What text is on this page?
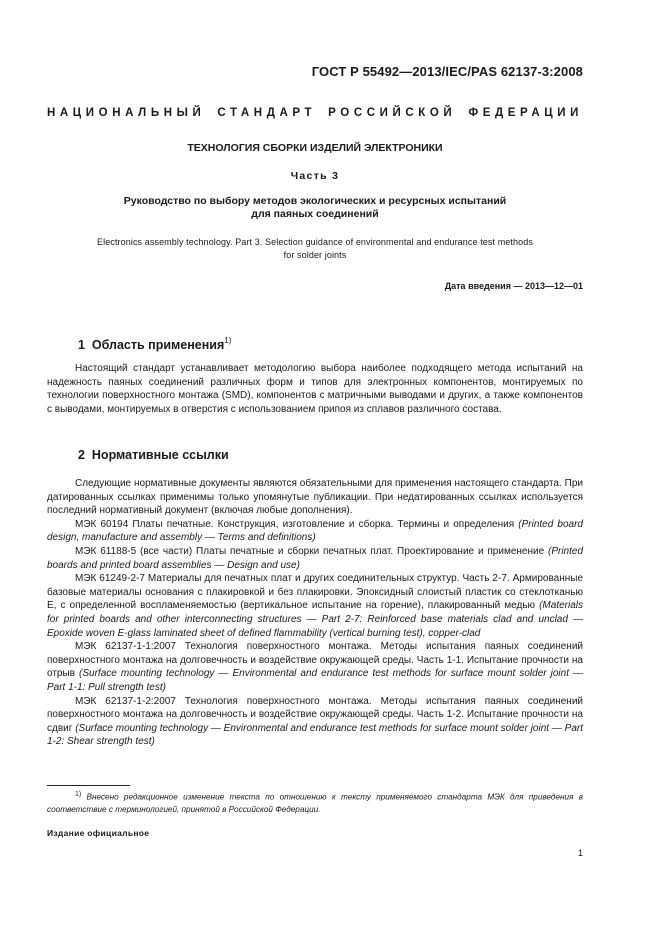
ГОСТ Р 55492—2013/IEC/PAS 62137-3:2008
НАЦИОНАЛЬНЫЙ СТАНДАРТ РОССИЙСКОЙ ФЕДЕРАЦИИ
ТЕХНОЛОГИЯ СБОРКИ ИЗДЕЛИЙ ЭЛЕКТРОНИКИ
Часть 3
Руководство по выбору методов экологических и ресурсных испытаний
для паяных соединений
Electronics assembly technology. Part 3. Selection guidance of environmental and endurance test methods
for solder joints
Дата введения — 2013—12—01
1 Область применения$^{1)}$

Настоящий стандарт устанавливает методологию выбора наиболее подходящего метода испытаний на надежность паяных соединений различных форм и типов для электронных компонентов, монтируемых по технологии поверхностного монтажа (SMD), компонентов с матричными выводами и других, а также компонентов с выводами, монтируемых в отверстия с использованием припоя из сплавов различного состава.

2 Нормативные ссылки

Следующие нормативные документы являются обязательными для применения настоящего стандарта. При датированных ссылках применимы только упомянутые публикации. При недатированных ссылках используется последний нормативный документ (включая любые дополнения).

МЭК 60194 Платы печатные. Конструкция, изготовление и сборка. Термины и определения (Printed board design, manufacture and assembly — Terms and definitions)

МЭК 61188-5 (все части) Платы печатные и сборки печатных плат. Проектирование и применение (Printed boards and printed board assemblies — Design and use)

МЭК 61249-2-7 Материалы для печатных плат и других соединительных структур. Часть 2-7. Армированные базовые материалы основания с плакировкой и без плакировки. Эпоксидный слоистый пластик со стеклотканью Е, с определенной воспламеняемостью (вертикальное испытание на горение), плакированный медью (Materials for printed boards and other interconnecting structures — Part 2-7: Reinforced base materials clad and unclad — Epoxide woven E-glass laminated sheet of defined flammability (vertical burning test), copper-clad

МЭК 62137-1-1:2007 Технология поверхностного монтажа. Методы испытания паяных соединений поверхностного монтажа на долговечность и воздействие окружающей среды. Часть 1-1. Испытание прочности на отрыв (Surface mounting technology — Environmental and endurance test methods for surface mount solder joint — Part 1-1: Pull strength test)

МЭК 62137-1-2:2007 Технология поверхностного монтажа. Методы испытания паяных соединений поверхностного монтажа на долговечность и воздействие окружающей среды. Часть 1-2. Испытание прочности на сдвиг (Surface mounting technology — Environmental and endurance test methods for surface mount solder joint — Part 1-2: Shear strength test)

$^{1)}$ Внесено редакционное изменение текста по отношению к тексту применяемого стандарта МЭК для приведения в соответствие с терминологией, принятой в Российской Федерации.
Издание официальное
1
